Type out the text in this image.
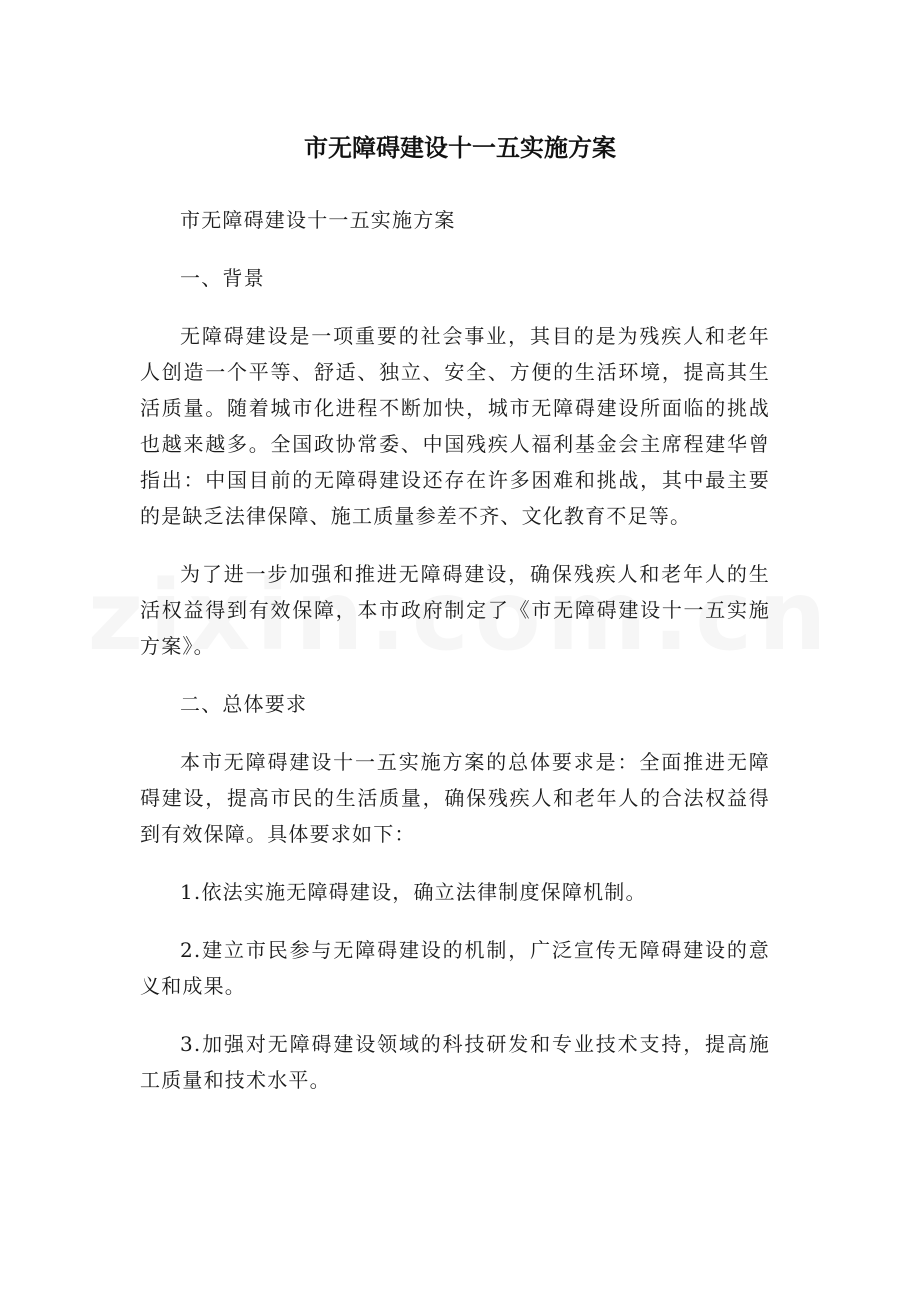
市无障碍建设十一五实施方案

市无障碍建设十一五实施方案

一、背景

无障碍建设是一项重要的社会事业，其目的是为残疾人和老年人创造一个平等、舒适、独立、安全、方便的生活环境，提高其生活质量。随着城市化进程不断加快，城市无障碍建设所面临的挑战也越来越多。全国政协常委、中国残疾人福利基金会主席程建华曾指出：中国目前的无障碍建设还存在许多困难和挑战，其中最主要的是缺乏法律保障、施工质量参差不齐、文化教育不足等。

为了进一步加强和推进无障碍建设，确保残疾人和老年人的生活权益得到有效保障，本市政府制定了《市无障碍建设十一五实施方案》。

二、总体要求

本市无障碍建设十一五实施方案的总体要求是：全面推进无障碍建设，提高市民的生活质量，确保残疾人和老年人的合法权益得到有效保障。具体要求如下：

1.依法实施无障碍建设，确立法律制度保障机制。

2.建立市民参与无障碍建设的机制，广泛宣传无障碍建设的意义和成果。

3.加强对无障碍建设领域的科技研发和专业技术支持，提高施工质量和技术水平。
